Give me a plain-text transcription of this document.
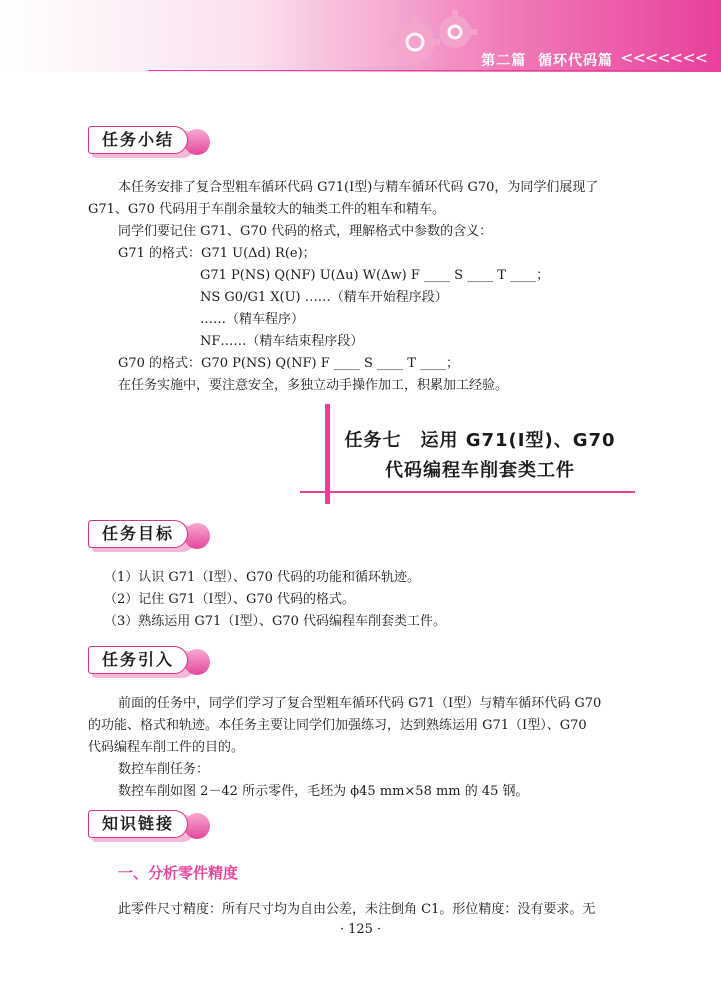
第二篇 循环代码篇 <<<<<<<
任务小结
本任务安排了复合型粗车循环代码 G71(Ⅰ型)与精车循环代码 G70，为同学们展现了
G71、G70 代码用于车削余量较大的轴类工件的粗车和精车。
同学们要记住 G71、G70 代码的格式，理解格式中参数的含义：
G71 的格式：G71 U(Δd) R(e)；
G71 P(NS) Q(NF) U(Δu) W(Δw) F ____ S ____ T ____；
NS G0/G1 X(U) ……（精车开始程序段）
……（精车程序）
NF……（精车结束程序段）
G70 的格式：G70 P(NS) Q(NF) F ____ S ____ T ____；
在任务实施中，要注意安全，多独立动手操作加工，积累加工经验。
任务七　运用 G71(Ⅰ型)、G70
代码编程车削套类工件
任务目标
（1）认识 G71（Ⅰ型）、G70 代码的功能和循环轨迹。
（2）记住 G71（Ⅰ型）、G70 代码的格式。
（3）熟练运用 G71（Ⅰ型）、G70 代码编程车削套类工件。
任务引入
前面的任务中，同学们学习了复合型粗车循环代码 G71（Ⅰ型）与精车循环代码 G70
的功能、格式和轨迹。本任务主要让同学们加强练习，达到熟练运用 G71（Ⅰ型）、G70
代码编程车削工件的目的。
数控车削任务：
数控车削如图 2－42 所示零件，毛坯为 ϕ45 mm×58 mm 的 45 钢。
知识链接
一、分析零件精度
此零件尺寸精度：所有尺寸均为自由公差，未注倒角 C1。形位精度：没有要求。无
· 125 ·
